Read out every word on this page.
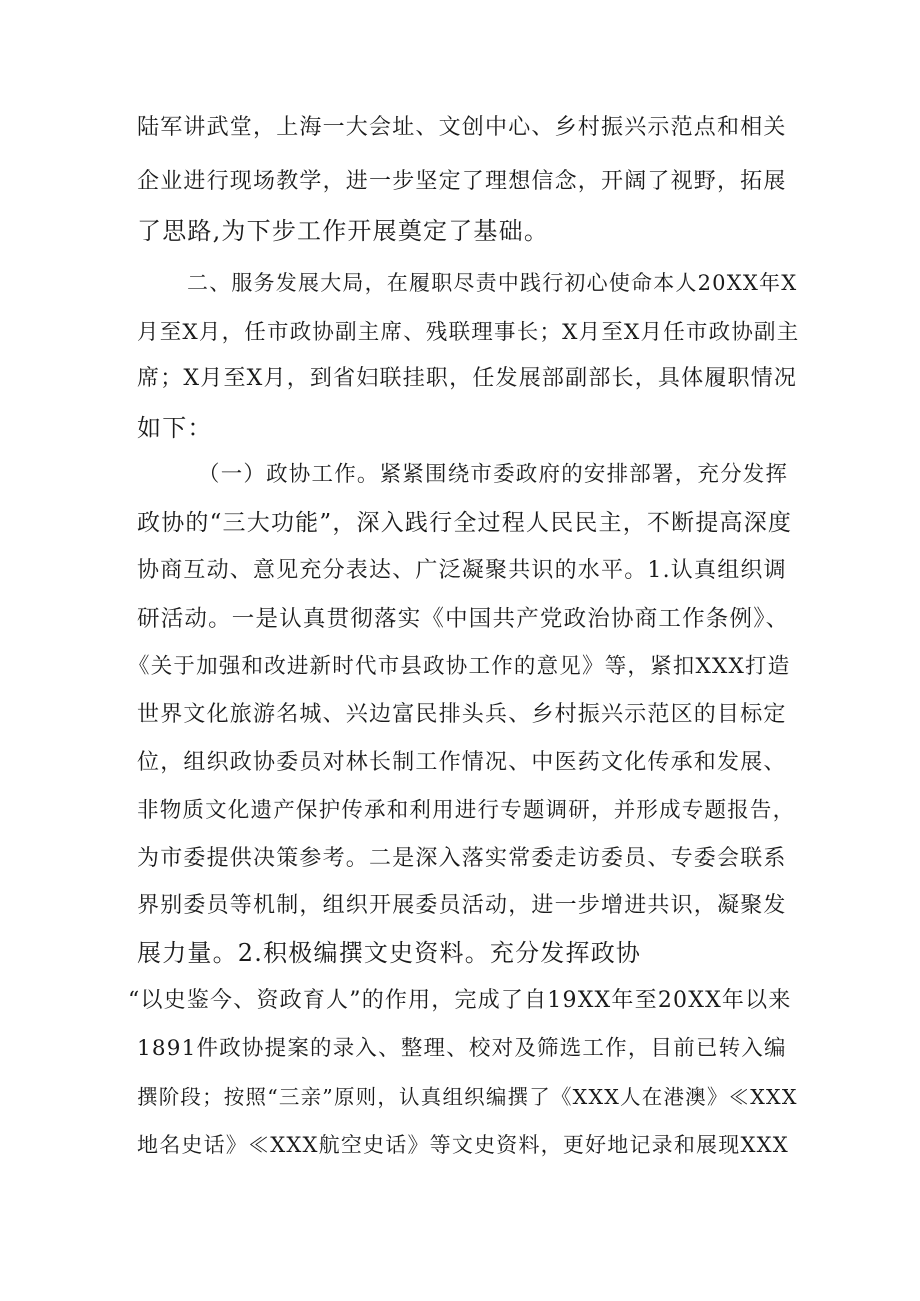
陆军讲武堂，上海一大会址、文创中心、乡村振兴示范点和相关
企业进行现场教学，进一步坚定了理想信念，开阔了视野，拓展
了思路,为下步工作开展奠定了基础。
二、服务发展大局，在履职尽责中践行初心使命本人20XX年X
月至X月，任市政协副主席、残联理事长；X月至X月任市政协副主
席；X月至X月，到省妇联挂职，任发展部副部长，具体履职情况
如下：
（一）政协工作。紧紧围绕市委政府的安排部署，充分发挥
政协的“三大功能”，深入践行全过程人民民主，不断提高深度
协商互动、意见充分表达、广泛凝聚共识的水平。1.认真组织调
研活动。一是认真贯彻落实《中国共产党政治协商工作条例》、
《关于加强和改进新时代市县政协工作的意见》等，紧扣XXX打造
世界文化旅游名城、兴边富民排头兵、乡村振兴示范区的目标定
位，组织政协委员对林长制工作情况、中医药文化传承和发展、
非物质文化遗产保护传承和利用进行专题调研，并形成专题报告，
为市委提供决策参考。二是深入落实常委走访委员、专委会联系
界别委员等机制，组织开展委员活动，进一步增进共识，凝聚发
展力量。2.积极编撰文史资料。充分发挥政协
“以史鉴今、资政育人”的作用，完成了自19XX年至20XX年以来
1891件政协提案的录入、整理、校对及筛选工作，目前已转入编
撰阶段；按照“三亲”原则，认真组织编撰了《XXX人在港澳》≪XXX
地名史话》≪XXX航空史话》等文史资料，更好地记录和展现XXX
